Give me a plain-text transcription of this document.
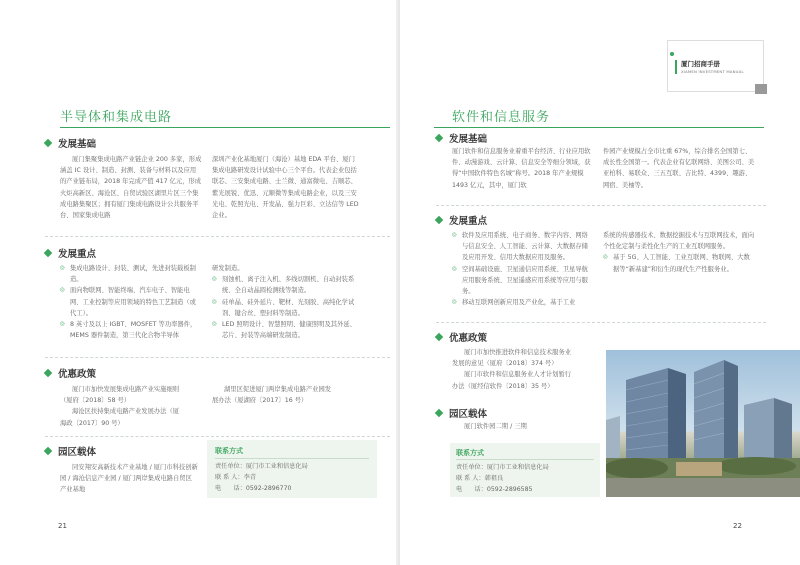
半导体和集成电路
发展基础

厦门集聚集成电路产业链企业 200 多家，形成涵盖 IC 设计、制造、封测、装备与材料以及应用的产业链布局，2018 年完成产值 417 亿元，形成火炬高新区、海沧区、自贸试验区湖里片区三个集成电路集聚区；拥有厦门集成电路设计公共服务平台、国家集成电路

深圳产业化基地厦门（海沧）基地 EDA 平台、厦门集成电路研发设计试验中心三个平台。代表企业包括联芯、三安集成电路、士兰微、通富微电、吉顺芯、紫光展锐、优迅、元顺微等集成电路企业，以及三安光电、乾照光电、开发晶、强力巨彩、立达信等 LED 企业。

发展重点
◎ 集成电路设计、封装、测试，先进封装载板制造。
◎ 面向物联网、智能终端、汽车电子、智能电网、工业控制等应用领域的特色工艺制造（或代工）。
◎ 8 英寸及以上 IGBT、MOSFET 等功率器件，MEMS 器件制造，第三代化合物半导体
研发制造。
◎ 刻蚀机、离子注入机、多线切割机、自动封装系统、全自动晶圆检测线等制造。
◎ 硅单晶、硅外延片、靶材、光刻胶、高纯化学试剂、键合丝、塑封料等制造。
◎ LED 照明设计、智慧照明、健康照明及其外延、芯片、封装等高端研发制造。
优惠政策
厦门市加快发展集成电路产业实施细则
（厦府〔2018〕58 号）
海沧区扶持集成电路产业发展办法（厦
海政〔2017〕90 号）
湖里区促进厦门两岸集成电路产业园发
展办法（厦湖府〔2017〕16 号）
园区载体

同安翔安高新技术产业基地 / 厦门市科技创新园 / 海沧信息产业园 / 厦门两岸集成电路自贸区产业基地

联系方式
责任单位：厦门市工业和信息化局
联 系 人：李青
电　　话：0592-2896770
21
厦门招商手册
XIAMEN INVESTMENT MANUAL
软件和信息服务
发展基础

厦门软件和信息服务业着重平台经济、行业应用软件、动漫游戏、云计算、信息安全等细分领域，获得“中国软件特色名城”称号。2018 年产业规模 1493 亿元，其中，厦门软

件园产业规模占全市比重 67%，综合排名全国第七、成长性全国第一。代表企业有亿联网络、美图公司、美亚柏科、易联众、三五互联、吉比特、4399、趣游、网宿、美柚等。

发展重点
◎ 软件及应用系统、电子商务、数字内容、网络与信息安全、人工智能、云计算、大数据存储及应用开发、信用大数据应用及服务。
◎ 空间基础设施、卫星通信应用系统、卫星导航应用服务系统、卫星遥感应用系统等应用与服务。
◎ 移动互联网创新应用及产业化，基于工业
系统的传感器技术、数据挖掘技术与互联网技术，面向个性化定制与柔性化生产的工业互联网服务。
◎ 基于 5G、人工智能、工业互联网、物联网、大数据等“新基建”和衍生的现代生产性服务业。
优惠政策
厦门市加快推进软件和信息技术服务业
发展的意见（厦府〔2018〕374 号）
厦门市软件和信息服务业人才计划暂行
办法（厦经信软件〔2018〕35 号）
园区载体

厦门软件园二期 / 三期

联系方式
责任单位：厦门市工业和信息化局
联 系 人：韩祖良
电　　话：0592-2896585
22
